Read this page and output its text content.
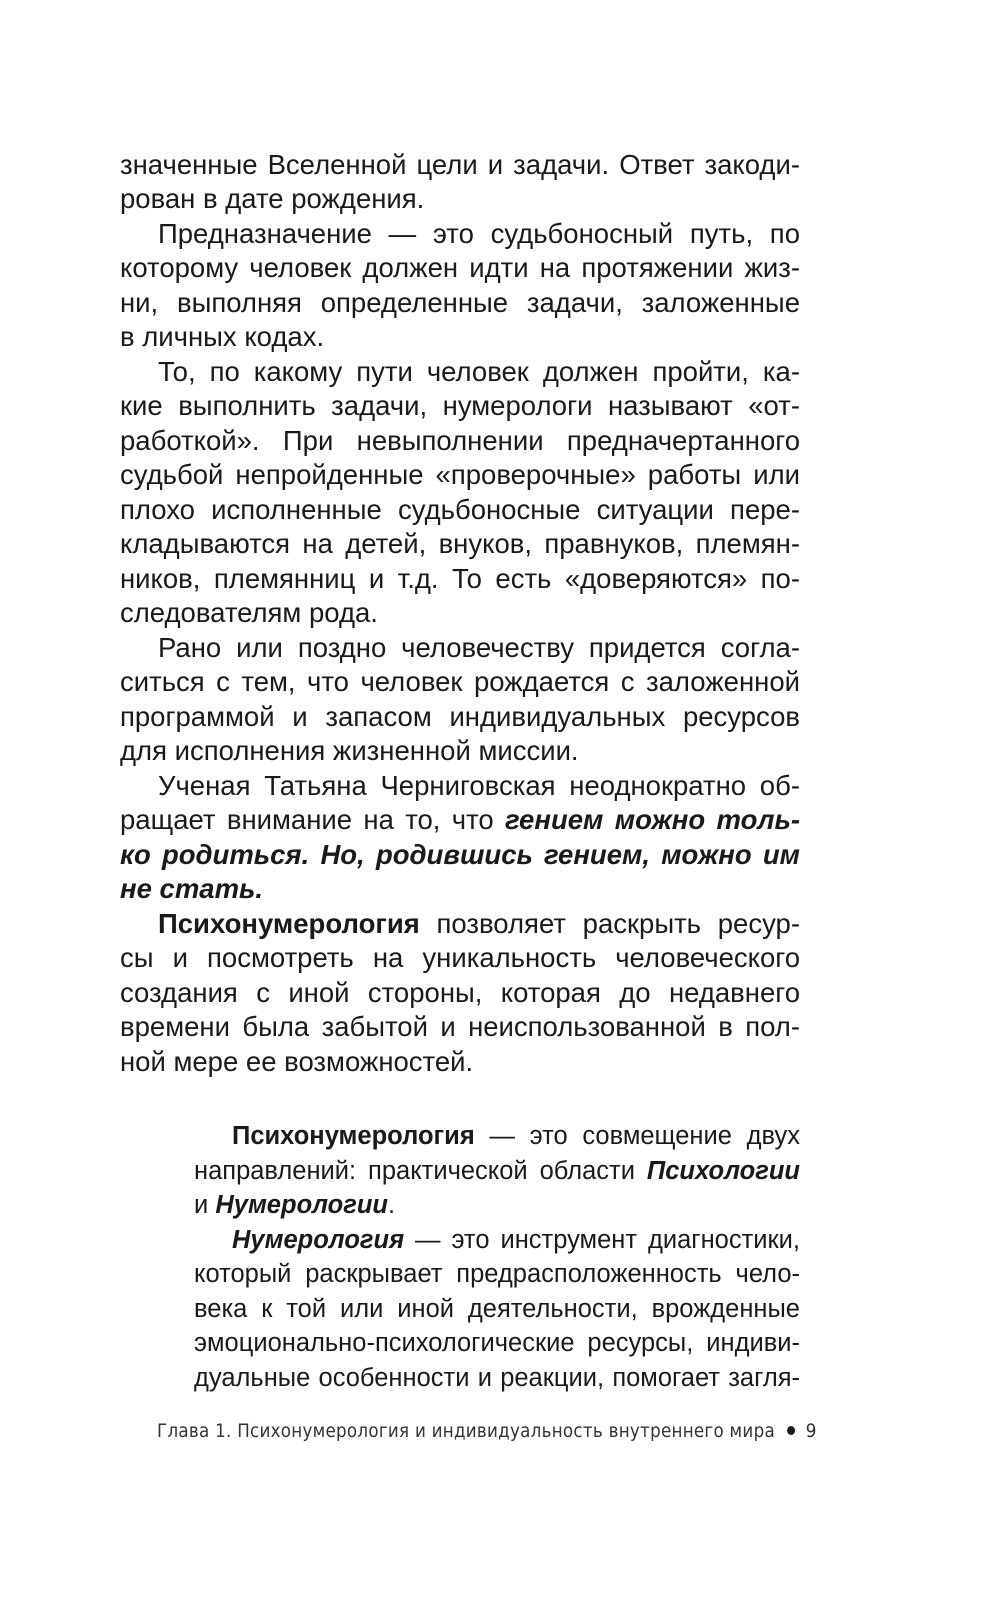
значенные Вселенной цели и задачи. Ответ закоди-
рован в дате рождения.
Предназначение — это судьбоносный путь, по
которому человек должен идти на протяжении жиз-
ни, выполняя определенные задачи, заложенные
в личных кодах.
То, по какому пути человек должен пройти, ка-
кие выполнить задачи, нумерологи называют «от-
работкой». При невыполнении предначертанного
судьбой непройденные «проверочные» работы или
плохо исполненные судьбоносные ситуации пере-
кладываются на детей, внуков, правнуков, племян-
ников, племянниц и т.д. То есть «доверяются» по-
следователям рода.
Рано или поздно человечеству придется согла-
ситься с тем, что человек рождается с заложенной
программой и запасом индивидуальных ресурсов
для исполнения жизненной миссии.
Ученая Татьяна Черниговская неоднократно об-
ращает внимание на то, что гением можно толь-
ко родиться. Но, родившись гением, можно им
не стать.
Психонумерология позволяет раскрыть ресур-
сы и посмотреть на уникальность человеческого
создания с иной стороны, которая до недавнего
времени была забытой и неиспользованной в пол-
ной мере ее возможностей.
Психонумерология — это совмещение двух
направлений: практической области Психологии
и Нумерологии.
Нумерология — это инструмент диагностики,
который раскрывает предрасположенность чело-
века к той или иной деятельности, врожденные
эмоционально-психологические ресурсы, индиви-
дуальные особенности и реакции, помогает загля-
Глава 1. Психонумерология и индивидуальность внутреннего мира 9
